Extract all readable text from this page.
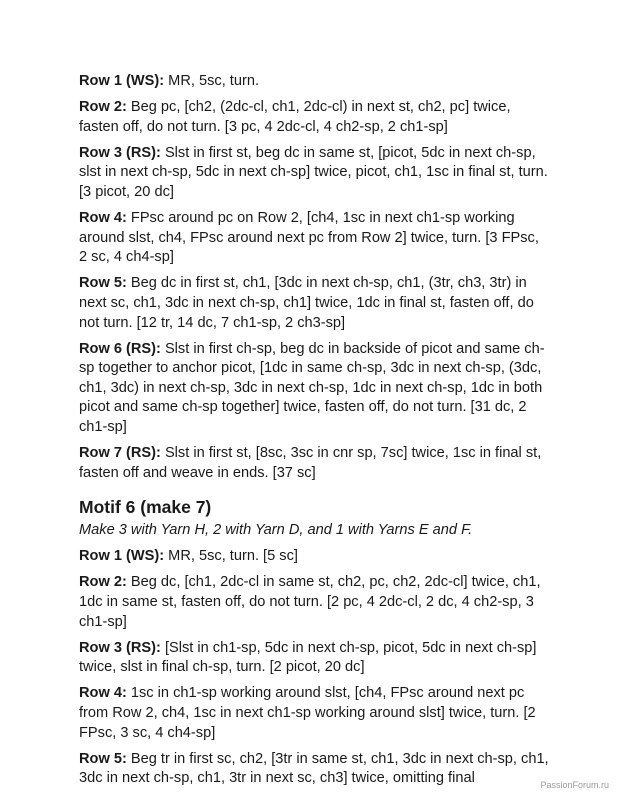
Row 1 (WS): MR, 5sc, turn.

Row 2: Beg pc, [ch2, (2dc-cl, ch1, 2dc-cl) in next st, ch2, pc] twice, fasten off, do not turn. [3 pc, 4 2dc-cl, 4 ch2-sp, 2 ch1-sp]

Row 3 (RS): Slst in first st, beg dc in same st, [picot, 5dc in next ch-sp, slst in next ch-sp, 5dc in next ch-sp] twice, picot, ch1, 1sc in final st, turn. [3 picot, 20 dc]

Row 4: FPsc around pc on Row 2, [ch4, 1sc in next ch1-sp working around slst, ch4, FPsc around next pc from Row 2] twice, turn. [3 FPsc, 2 sc, 4 ch4-sp]

Row 5: Beg dc in first st, ch1, [3dc in next ch-sp, ch1, (3tr, ch3, 3tr) in next sc, ch1, 3dc in next ch-sp, ch1] twice, 1dc in final st, fasten off, do not turn. [12 tr, 14 dc, 7 ch1-sp, 2 ch3-sp]

Row 6 (RS): Slst in first ch-sp, beg dc in backside of picot and same ch-sp together to anchor picot, [1dc in same ch-sp, 3dc in next ch-sp, (3dc, ch1, 3dc) in next ch-sp, 3dc in next ch-sp, 1dc in next ch-sp, 1dc in both picot and same ch-sp together] twice, fasten off, do not turn. [31 dc, 2 ch1-sp]

Row 7 (RS): Slst in first st, [8sc, 3sc in cnr sp, 7sc] twice, 1sc in final st, fasten off and weave in ends. [37 sc]

Motif 6 (make 7)

Make 3 with Yarn H, 2 with Yarn D, and 1 with Yarns E and F.

Row 1 (WS): MR, 5sc, turn. [5 sc]

Row 2: Beg dc, [ch1, 2dc-cl in same st, ch2, pc, ch2, 2dc-cl] twice, ch1, 1dc in same st, fasten off, do not turn. [2 pc, 4 2dc-cl, 2 dc, 4 ch2-sp, 3 ch1-sp]

Row 3 (RS): [Slst in ch1-sp, 5dc in next ch-sp, picot, 5dc in next ch-sp] twice, slst in final ch-sp, turn. [2 picot, 20 dc]

Row 4: 1sc in ch1-sp working around slst, [ch4, FPsc around next pc from Row 2, ch4, 1sc in next ch1-sp working around slst] twice, turn. [2 FPsc, 3 sc, 4 ch4-sp]

Row 5: Beg tr in first sc, ch2, [3tr in same st, ch1, 3dc in next ch-sp, ch1, 3dc in next ch-sp, ch1, 3tr in next sc, ch3] twice, omitting final	PassionForum.ru
